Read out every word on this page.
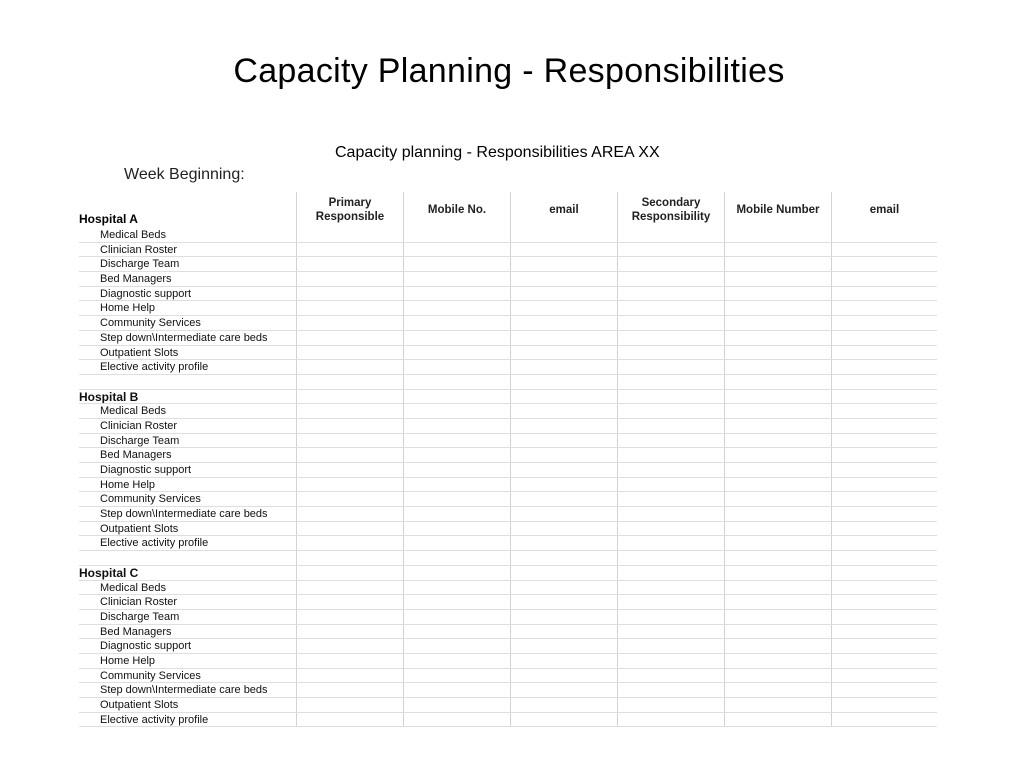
Capacity Planning - Responsibilities
Capacity planning - Responsibilities AREA XX
Week Beginning:
Hospital A
Primary
Responsible
Mobile No.	email
Secondary
Responsibility
Mobile Number	email
Medical Beds
Clinician Roster
Discharge Team
Bed Managers
Diagnostic support
Home Help
Community Services
Step down\Intermediate care beds
Outpatient Slots
Elective activity profile
Hospital B
Medical Beds
Clinician Roster
Discharge Team
Bed Managers
Diagnostic support
Home Help
Community Services
Step down\Intermediate care beds
Outpatient Slots
Elective activity profile
Hospital C
Medical Beds
Clinician Roster
Discharge Team
Bed Managers
Diagnostic support
Home Help
Community Services
Step down\Intermediate care beds
Outpatient Slots
Elective activity profile
